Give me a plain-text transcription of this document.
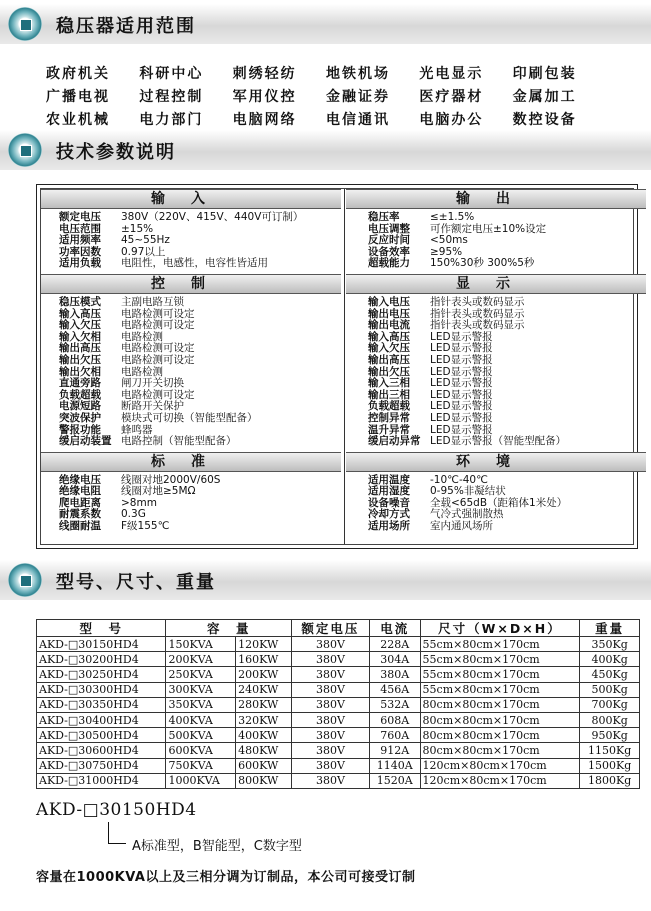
稳压器适用范围
政府机关	科研中心	刺绣轻纺	地铁机场	光电显示	印刷包装
广播电视	过程控制	军用仪控	金融证券	医疗器材	金属加工
农业机械	电力部门	电脑网络	电信通讯	电脑办公	数控设备
技术参数说明
输入
额定电压	380V（220V、415V、440V可订制）
电压范围	±15%
适用频率	45~55Hz
功率因数	0.97以上
适用负载	电阻性，电感性，电容性皆适用
控制
稳压模式	主副电路互锁
输入高压	电路检测可设定
输入欠压	电路检测可设定
输入欠相	电路检测
输出高压	电路检测可设定
输出欠压	电路检测可设定
输出欠相	电路检测
直通旁路	闸刀开关切换
负载超载	电路检测可设定
电源短路	断路开关保护
突波保护	模块式可切换（智能型配备）
警报功能	蜂鸣器
缓启动装置 电路控制（智能型配备）
标准
绝缘电压	线圈对地2000V/60S
绝缘电阻	线圈对地≥5MΩ
爬电距离	>8mm
耐震系数	0.3G
线圈耐温	F级155℃
输出
稳压率	≤±1.5%
电压调整	可作额定电压±10%设定
反应时间	<50ms
设备效率	≥95%
超载能力	150%30秒 300%5秒
显示
输入电压	指针表头或数码显示
输出电压	指针表头或数码显示
输出电流	指针表头或数码显示
输入高压	LED显示警报
输入欠压	LED显示警报
输出高压	LED显示警报
输出欠压	LED显示警报
输入三相	LED显示警报
输出三相	LED显示警报
负载超载	LED显示警报
控制异常	LED显示警报
温升异常	LED显示警报
缓启动异常 LED显示警报（智能型配备）
环境
适用温度	-10℃-40℃
适用湿度	0-95%非凝结状
设备噪音	全载<65dB（距箱体1米处）
冷却方式	气冷式强制散热
适用场所	室内通风场所
型号、尺寸、重量
型　号	容　量		额定电压	电流	尺寸（W×D×H）	重量
AKD-□30150HD4	150KVA	120KW	380V	228A	55cm×80cm×170cm	350Kg
AKD-□30200HD4	200KVA	160KW	380V	304A	55cm×80cm×170cm	400Kg
AKD-□30250HD4	250KVA	200KW	380V	380A	55cm×80cm×170cm	450Kg
AKD-□30300HD4	300KVA	240KW	380V	456A	55cm×80cm×170cm	500Kg
AKD-□30350HD4	350KVA	280KW	380V	532A	80cm×80cm×170cm	700Kg
AKD-□30400HD4	400KVA	320KW	380V	608A	80cm×80cm×170cm	800Kg
AKD-□30500HD4	500KVA	400KW	380V	760A	80cm×80cm×170cm	950Kg
AKD-□30600HD4	600KVA	480KW	380V	912A	80cm×80cm×170cm	1150Kg
AKD-□30750HD4	750KVA	600KW	380V	1140A	120cm×80cm×170cm	1500Kg
AKD-□31000HD4	1000KVA	800KW	380V	1520A	120cm×80cm×170cm	1800Kg
AKD-□30150HD4
A标准型，B智能型，C数字型
容量在1000KVA以上及三相分调为订制品，本公司可接受订制
